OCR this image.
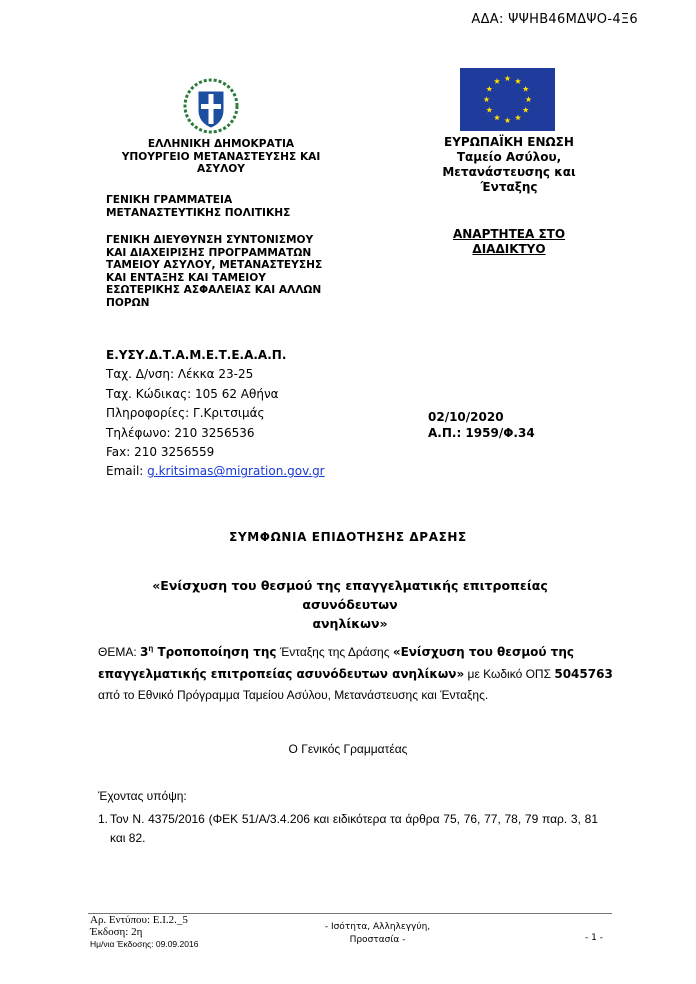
ΑΔΑ: ΨΨΗΒ46ΜΔΨΟ-4Ξ6
ΕΛΛΗΝΙΚΗ ΔΗΜΟΚΡΑΤΙΑ
ΥΠΟΥΡΓΕΙΟ ΜΕΤΑΝΑΣΤΕΥΣΗΣ ΚΑΙ
ΑΣΥΛΟΥ
ΓΕΝΙΚΗ ΓΡΑΜΜΑΤΕΙΑ
ΜΕΤΑΝΑΣΤΕΥΤΙΚΗΣ ΠΟΛΙΤΙΚΗΣ
ΓΕΝΙΚΗ ΔΙΕΥΘΥΝΣΗ ΣΥΝΤΟΝΙΣΜΟΥ
ΚΑΙ ΔΙΑΧΕΙΡΙΣΗΣ ΠΡΟΓΡΑΜΜΑΤΩΝ
ΤΑΜΕΙΟΥ ΑΣΥΛΟΥ, ΜΕΤΑΝΑΣΤΕΥΣΗΣ
ΚΑΙ ΕΝΤΑΞΗΣ ΚΑΙ ΤΑΜΕΙΟΥ
ΕΣΩΤΕΡΙΚΗΣ ΑΣΦΑΛΕΙΑΣ ΚΑΙ ΑΛΛΩΝ
ΠΟΡΩΝ
ΕΥΡΩΠΑΪΚΗ ΕΝΩΣΗ
Ταμείο Ασύλου,
Μετανάστευσης και
Ένταξης
ΑΝΑΡΤΗΤΕΑ ΣΤΟ
ΔΙΑΔΙΚΤΥΟ
Ε.ΥΣΥ.Δ.Τ.Α.Μ.Ε.Τ.Ε.Α.Α.Π.
Ταχ. Δ/νση: Λέκκα 23-25
Ταχ. Κώδικας: 105 62 Αθήνα
Πληροφορίες: Γ.Κριτσιμάς
Τηλέφωνο: 210 3256536
Fax: 210 3256559
Email: g.kritsimas@migration.gov.gr
02/10/2020
Α.Π.: 1959/Φ.34
ΣΥΜΦΩΝΙΑ ΕΠΙΔΟΤΗΣΗΣ ΔΡΑΣΗΣ
«Ενίσχυση του θεσμού της επαγγελματικής επιτροπείας ασυνόδευτων
ανηλίκων»
ΘΕΜΑ: $3^\eta$ Τροποποίηση της Ένταξης της Δράσης «Ενίσχυση του θεσμού της
επαγγελματικής επιτροπείας ασυνόδευτων ανηλίκων» με Κωδικό ΟΠΣ 5045763
από το Εθνικό Πρόγραμμα Ταμείου Ασύλου, Μετανάστευσης και Ένταξης.
Ο Γενικός Γραμματέας
Έχοντας υπόψη:
1. Τον Ν. 4375/2016 (ΦΕΚ 51/Α/3.4.206 και ειδικότερα τα άρθρα 75, 76, 77, 78, 79 παρ. 3, 81 και 82.
Αρ. Εντύπου: Ε.Ι.2._5
Έκδοση: 2η
Ημ/νια Έκδοσης: 09.09.2016
- Ισότητα, Αλληλεγγύη,
Προστασία -	- 1 -
